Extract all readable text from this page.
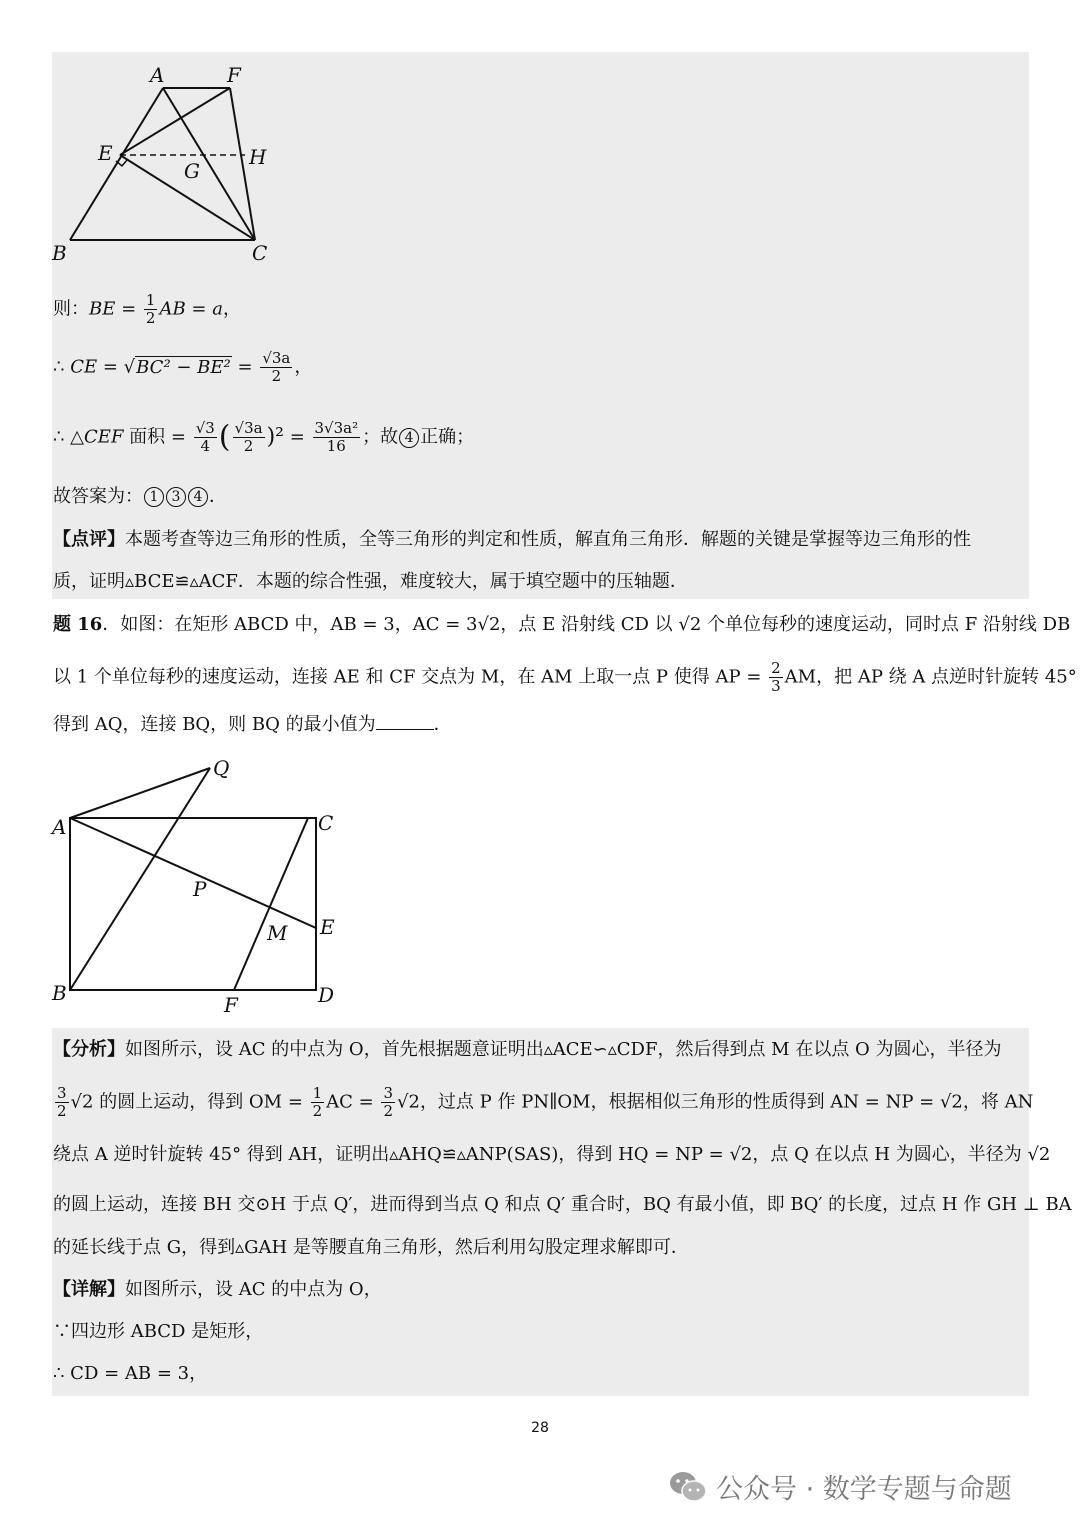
A	F
E
G
H
B	C
则：BE = $\frac{1}{2}$ AB = a，
∴ CE = $√BC^2 - BE^2 = \frac{√3a}{2}$ ，
∴ △CEF 面积 = $\frac{√3}{4}$ ( $\frac{√3a}{2} )^2 = \frac{\text{3√3a²}}{16}$ ；故 4 正确；
故答案为： 1 3 4 ．
【点评】本题考查等边三角形的性质，全等三角形的判定和性质，解直角三角形．解题的关键是掌握等边三角形的性
质，证明▵BCE≌▵ACF．本题的综合性强，难度较大，属于填空题中的压轴题．
题 16．如图：在矩形 ABCD 中，AB = 3，AC = 3√2，点 E 沿射线 CD 以 √2 个单位每秒的速度运动，同时点 F 沿射线 DB
以 1 个单位每秒的速度运动，连接 AE 和 CF 交点为 M，在 AM 上取一点 P 使得 AP = $\frac{2}{3}$ AM，把 AP 绕 A 点逆时针旋转 45°
得到 AQ，连接 BQ，则 BQ 的最小值为	．
Q
A	C
P
E
M
B	F	D
【分析】如图所示，设 AC 的中点为 O，首先根据题意证明出▵ACE∽▵CDF，然后得到点 M 在以点 O 为圆心，半径为
$\frac{3}{2} √2$ 的圆上运动，得到 OM = $\frac{1}{2}$ AC = $\frac{3}{2} √2$，过点 P 作 PN∥OM，根据相似三角形的性质得到 AN = NP = √2，将 AN
绕点 A 逆时针旋转 45° 得到 AH，证明出▵AHQ≌▵ANP(SAS)，得到 HQ = NP = √2，点 Q 在以点 H 为圆心，半径为 √2
的圆上运动，连接 BH 交⊙H 于点 Q′，进而得到当点 Q 和点 Q′ 重合时，BQ 有最小值，即 BQ′ 的长度，过点 H 作 GH ⊥ BA
的延长线于点 G，得到▵GAH 是等腰直角三角形，然后利用勾股定理求解即可．
【详解】如图所示，设 AC 的中点为 O，
∵四边形 ABCD 是矩形，
∴ CD = AB = 3，
28
公众号 · 数学专题与命题
